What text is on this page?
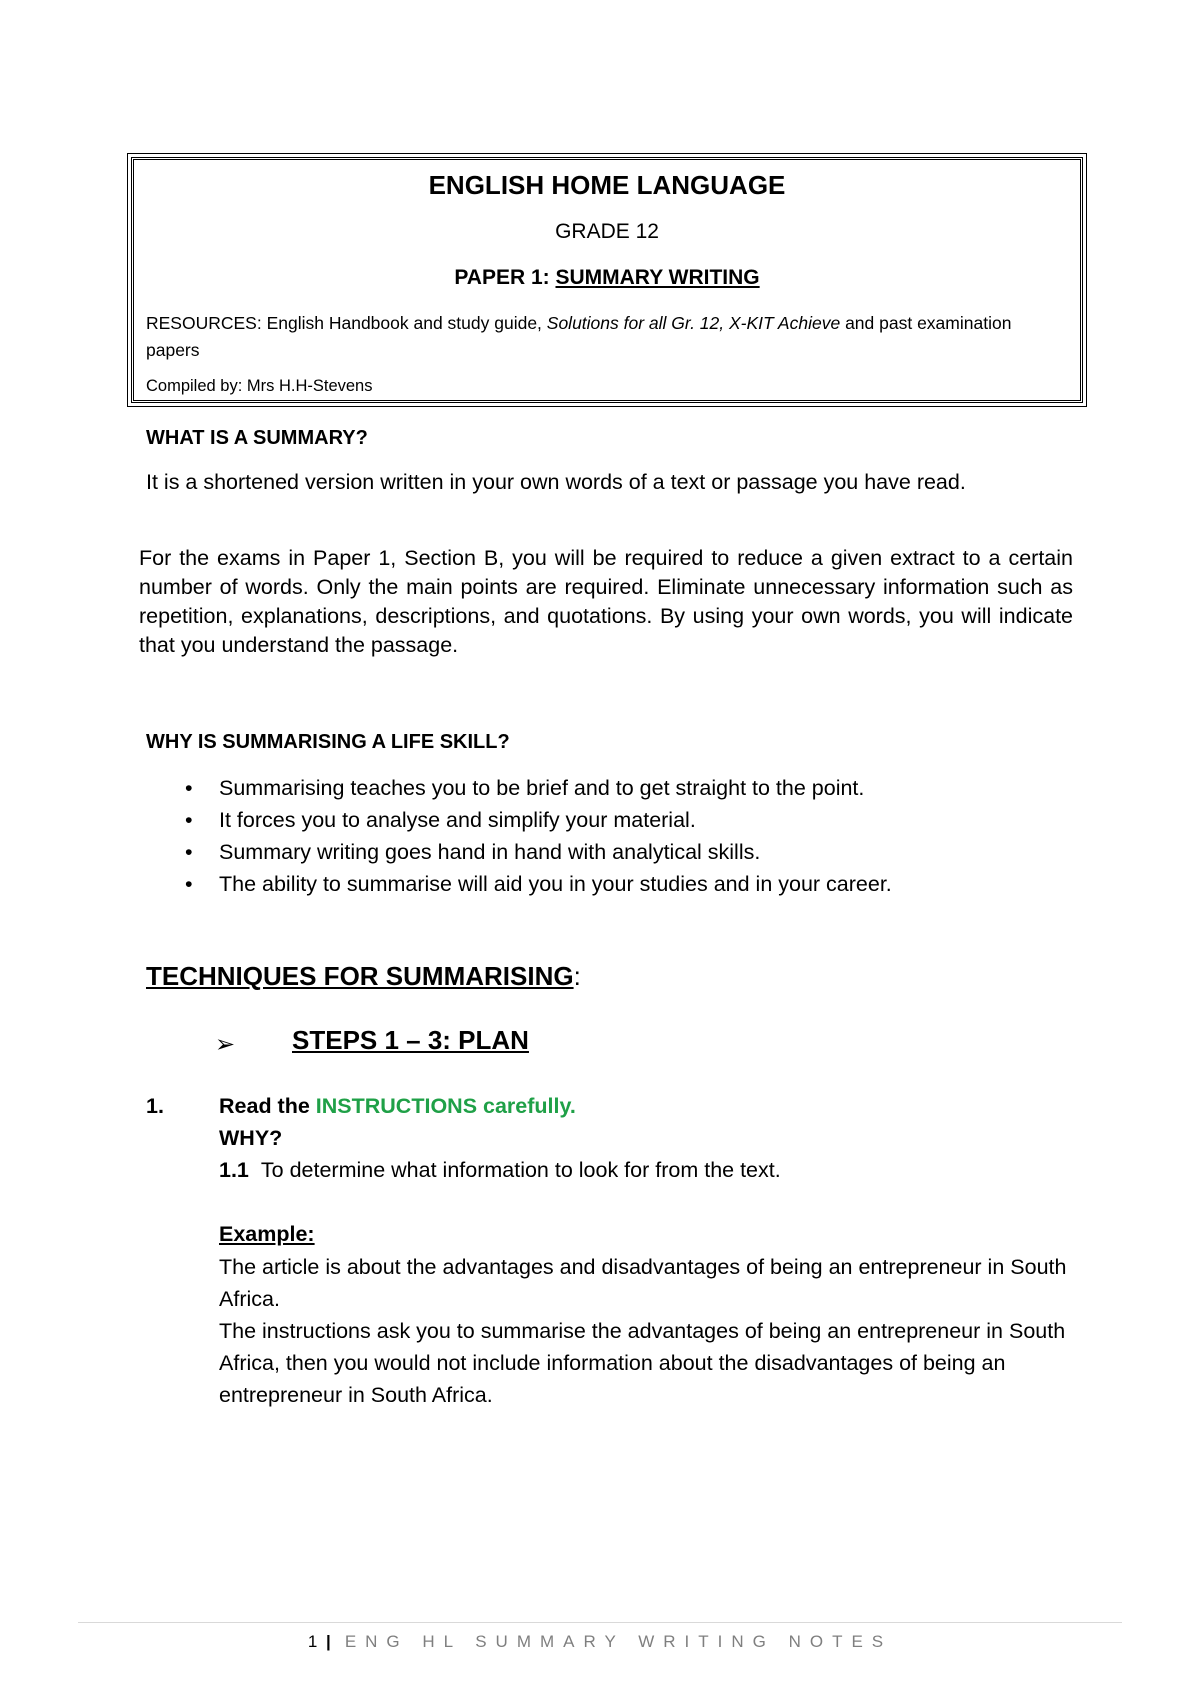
ENGLISH HOME LANGUAGE
GRADE 12
PAPER 1: SUMMARY WRITING
RESOURCES: English Handbook and study guide, Solutions for all Gr. 12, X-KIT Achieve and past examination papers
Compiled by: Mrs H.H-Stevens
WHAT IS A SUMMARY?
It is a shortened version written in your own words of a text or passage you have read.
For the exams in Paper 1, Section B, you will be required to reduce a given extract to a certain number of words. Only the main points are required. Eliminate unnecessary information such as repetition, explanations, descriptions, and quotations. By using your own words, you will indicate that you understand the passage.
WHY IS SUMMARISING A LIFE SKILL?
• Summarising teaches you to be brief and to get straight to the point.
• It forces you to analyse and simplify your material.
• Summary writing goes hand in hand with analytical skills.
• The ability to summarise will aid you in your studies and in your career.
TECHNIQUES FOR SUMMARISING:
➢ STEPS 1 – 3: PLAN
1.	Read the INSTRUCTIONS carefully.
WHY?
1.1 To determine what information to look for from the text.
Example:
The article is about the advantages and disadvantages of being an entrepreneur in South Africa.
The instructions ask you to summarise the advantages of being an entrepreneur in South Africa, then you would not include information about the disadvantages of being an entrepreneur in South Africa.
1 | ENG HL SUMMARY WRITING NOTES
